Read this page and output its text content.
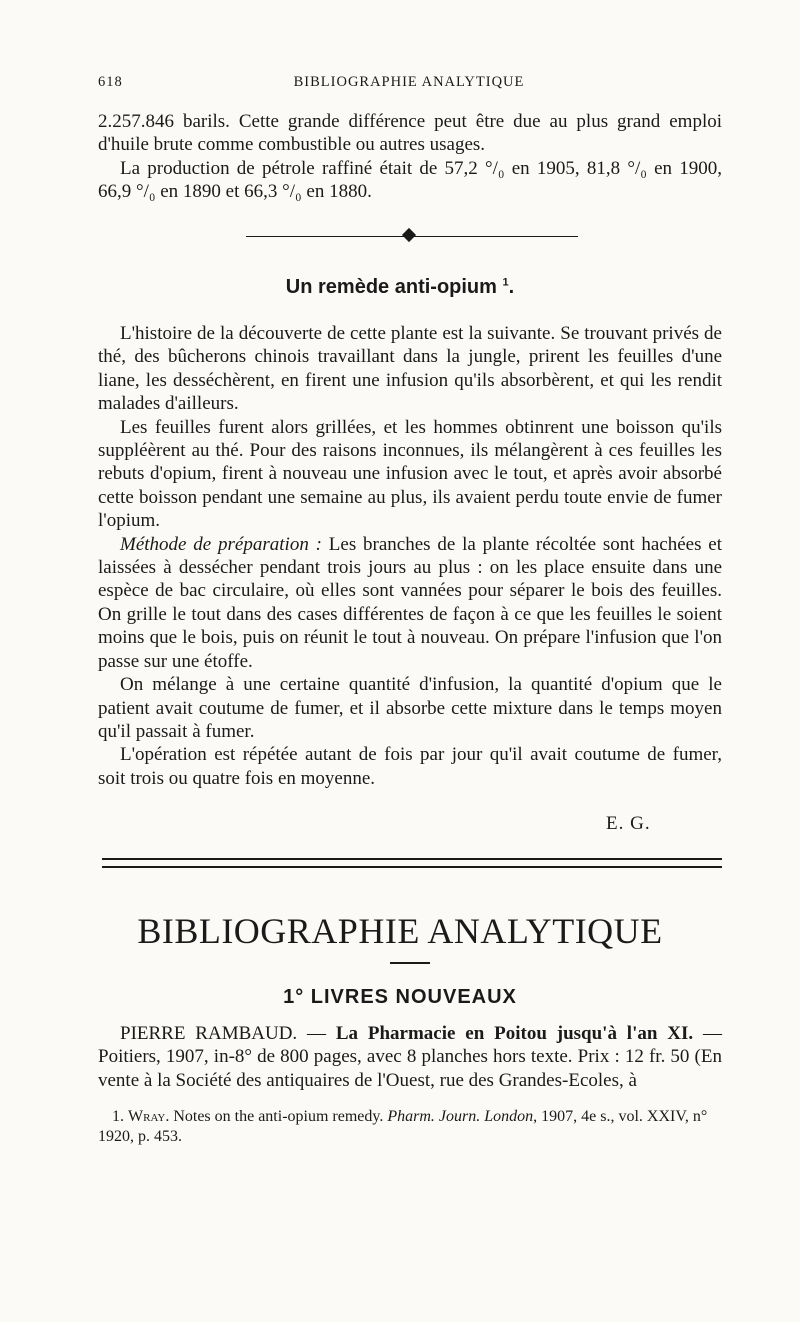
618	BIBLIOGRAPHIE ANALYTIQUE

2.257.846 barils. Cette grande différence peut être due au plus grand emploi d'huile brute comme combustible ou autres usages.

La production de pétrole raffiné était de 57,2 °/₀ en 1905, 81,8 °/₀ en 1900, 66,9 °/₀ en 1890 et 66,3 °/₀ en 1880.

Un remède anti-opium $^1$.

L'histoire de la découverte de cette plante est la suivante. Se trouvant privés de thé, des bûcherons chinois travaillant dans la jungle, prirent les feuilles d'une liane, les desséchèrent, en firent une infusion qu'ils absorbèrent, et qui les rendit malades d'ailleurs.

Les feuilles furent alors grillées, et les hommes obtinrent une boisson qu'ils suppléèrent au thé. Pour des raisons inconnues, ils mélangèrent à ces feuilles les rebuts d'opium, firent à nouveau une infusion avec le tout, et après avoir absorbé cette boisson pendant une semaine au plus, ils avaient perdu toute envie de fumer l'opium.

Méthode de préparation : Les branches de la plante récoltée sont hachées et laissées à dessécher pendant trois jours au plus : on les place ensuite dans une espèce de bac circulaire, où elles sont vannées pour séparer le bois des feuilles. On grille le tout dans des cases différentes de façon à ce que les feuilles le soient moins que le bois, puis on réunit le tout à nouveau. On prépare l'infusion que l'on passe sur une étoffe.

On mélange à une certaine quantité d'infusion, la quantité d'opium que le patient avait coutume de fumer, et il absorbe cette mixture dans le temps moyen qu'il passait à fumer.

L'opération est répétée autant de fois par jour qu'il avait coutume de fumer, soit trois ou quatre fois en moyenne.

E. G.
BIBLIOGRAPHIE ANALYTIQUE
1° LIVRES NOUVEAUX

PIERRE RAMBAUD. — La Pharmacie en Poitou jusqu'à l'an XI. — Poitiers, 1907, in-8° de 800 pages, avec 8 planches hors texte. Prix : 12 fr. 50 (En vente à la Société des antiquaires de l'Ouest, rue des Grandes-Ecoles, à

1. Wray. Notes on the anti-opium remedy. Pharm. Journ. London, 1907, 4e s., vol. XXIV, n° 1920, p. 453.
